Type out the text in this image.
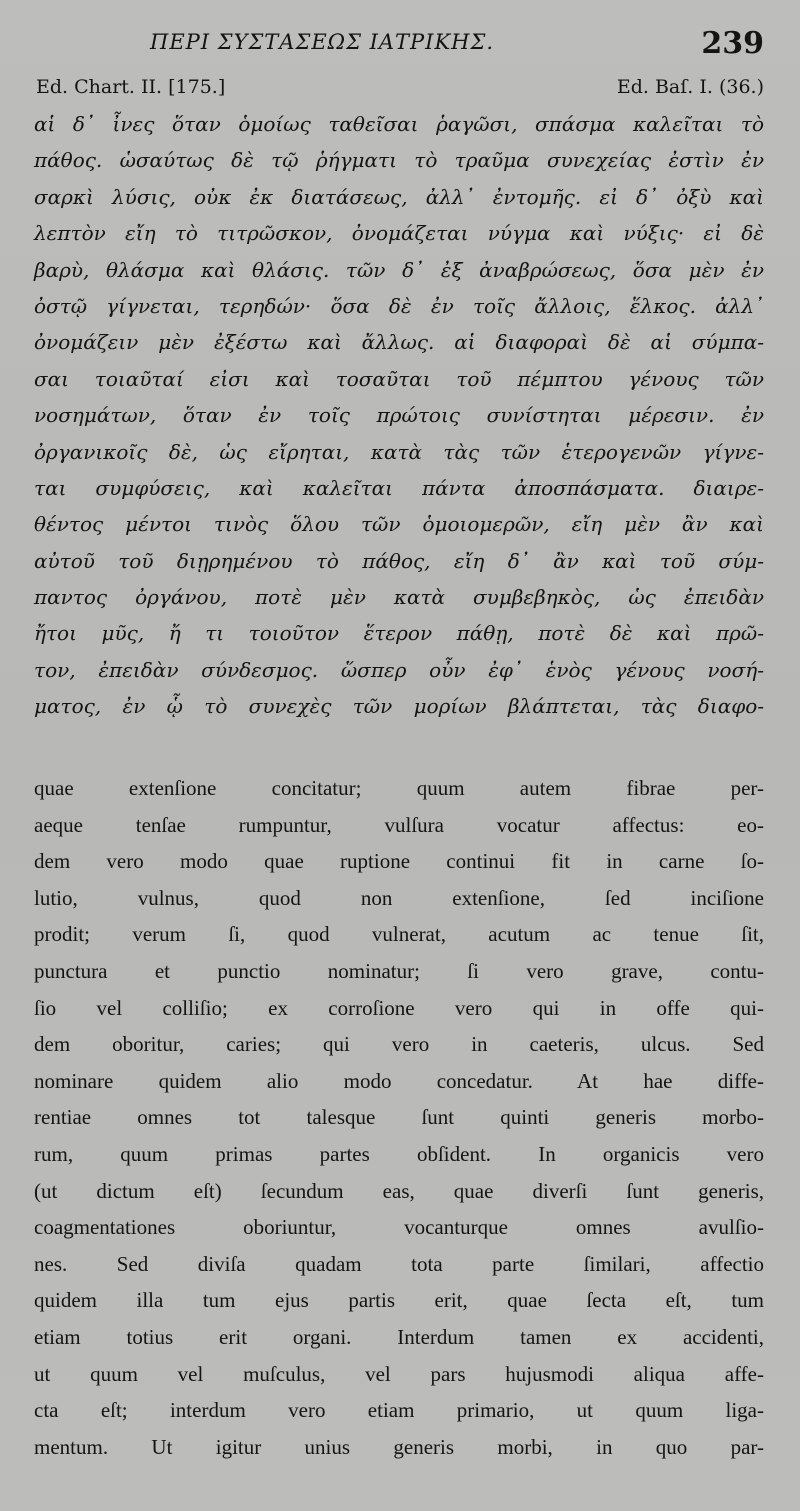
ΠΕΡΙ ΣΥΣΤΑΣΕΩΣ ΙΑΤΡΙΚΗΣ.	239
Ed. Chart. II. [175.]	Ed. Baſ. I. (36.)
αἱ δ᾽ ἶνες ὅταν ὁμοίως ταθεῖσαι ῥαγῶσι, σπάσμα καλεῖται τὸ
πάθος. ὡσαύτως δὲ τῷ ῥήγματι τὸ τραῦμα συνεχείας ἐστὶν ἐν
σαρκὶ λύσις, οὐκ ἐκ διατάσεως, ἀλλ᾽ ἐντομῆς. εἰ δ᾽ ὀξὺ καὶ
λεπτὸν εἴη τὸ τιτρῶσκον, ὀνομάζεται νύγμα καὶ νύξις· εἰ δὲ
βαρὺ, θλάσμα καὶ θλάσις. τῶν δ᾽ ἐξ ἀναβρώσεως, ὅσα μὲν ἐν
ὀστῷ γίγνεται, τερηδών· ὅσα δὲ ἐν τοῖς ἄλλοις, ἕλκος. ἀλλ᾽
ὀνομάζειν μὲν ἐξέστω καὶ ἄλλως. αἱ διαφοραὶ δὲ αἱ σύμπα-
σαι τοιαῦταί εἰσι καὶ τοσαῦται τοῦ πέμπτου γένους τῶν
νοσημάτων, ὅταν ἐν τοῖς πρώτοις συνίστηται μέρεσιν. ἐν
ὀργανικοῖς δὲ, ὡς εἴρηται, κατὰ τὰς τῶν ἑτερογενῶν γίγνε-
ται συμφύσεις, καὶ καλεῖται πάντα ἀποσπάσματα. διαιρε-
θέντος μέντοι τινὸς ὅλου τῶν ὁμοιομερῶν, εἴη μὲν ἂν καὶ
αὐτοῦ τοῦ διῃρημένου τὸ πάθος, εἴη δ᾽ ἂν καὶ τοῦ σύμ-
παντος ὀργάνου, ποτὲ μὲν κατὰ συμβεβηκὸς, ὡς ἐπειδὰν
ἤτοι μῦς, ἤ τι τοιοῦτον ἕτερον πάθῃ, ποτὲ δὲ καὶ πρῶ-
τον, ἐπειδὰν σύνδεσμος. ὥσπερ οὖν ἐφ᾽ ἑνὸς γένους νοσή-
ματος, ἐν ᾧ τὸ συνεχὲς τῶν μορίων βλάπτεται, τὰς διαφο-
quae extenſione concitatur; quum autem fibrae per-
aeque tenſae rumpuntur, vulſura vocatur affectus: eo-
dem vero modo quae ruptione continui fit in carne ſo-
lutio, vulnus, quod non extenſione, ſed inciſione
prodit; verum ſi, quod vulnerat, acutum ac tenue ſit,
punctura et punctio nominatur; ſi vero grave, contu-
ſio vel colliſio; ex corroſione vero qui in offe qui-
dem oboritur, caries; qui vero in caeteris, ulcus. Sed
nominare quidem alio modo concedatur. At hae diffe-
rentiae omnes tot talesque ſunt quinti generis morbo-
rum, quum primas partes obſident. In organicis vero
(ut dictum eſt) ſecundum eas, quae diverſi ſunt generis,
coagmentationes oboriuntur, vocanturque omnes avulſio-
nes. Sed diviſa quadam tota parte ſimilari, affectio
quidem illa tum ejus partis erit, quae ſecta eſt, tum
etiam totius erit organi. Interdum tamen ex accidenti,
ut quum vel muſculus, vel pars hujusmodi aliqua affe-
cta eſt; interdum vero etiam primario, ut quum liga-
mentum. Ut igitur unius generis morbi, in quo par-
